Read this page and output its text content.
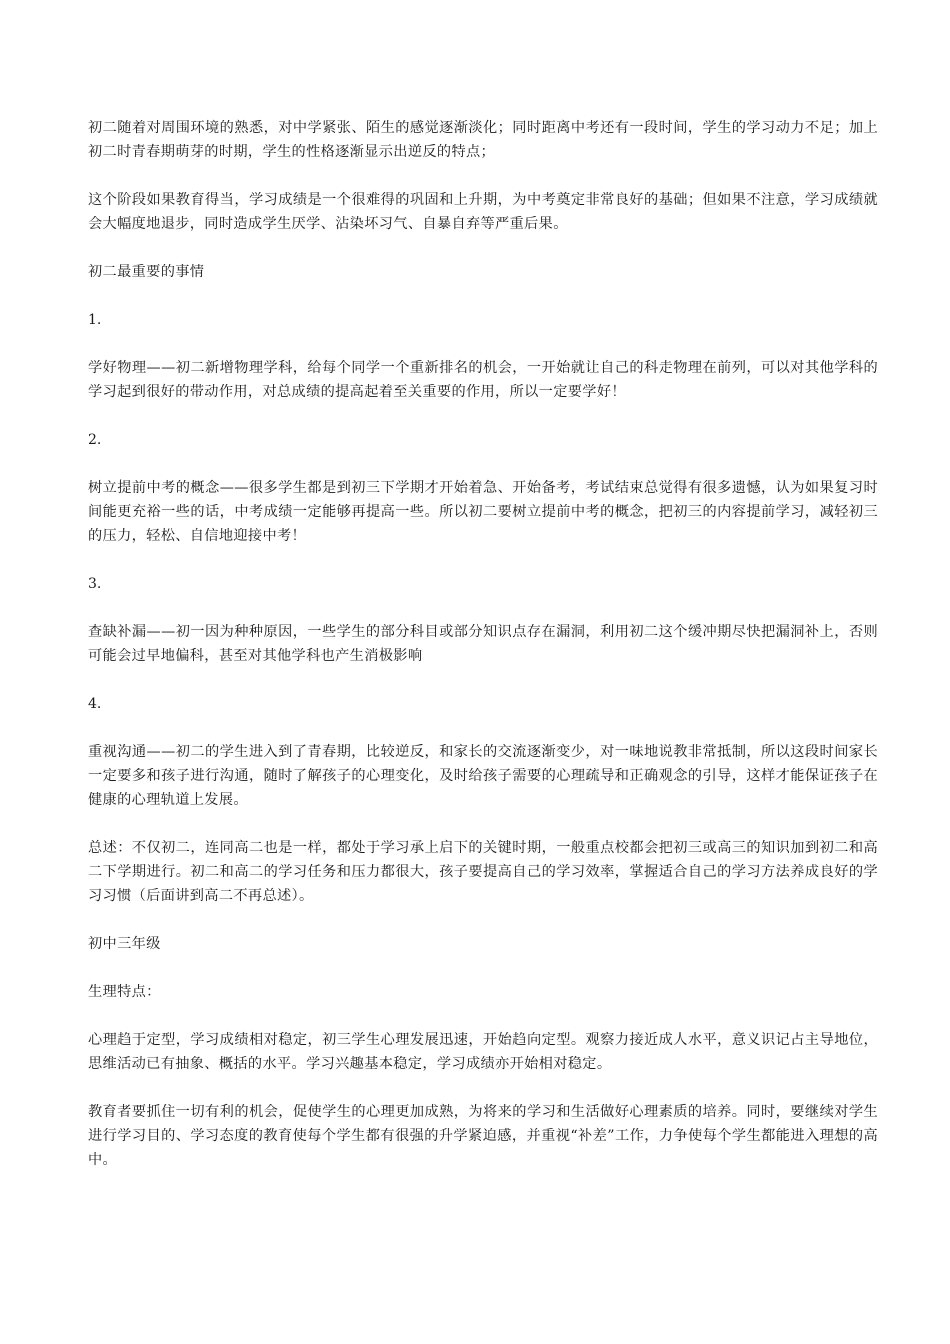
初二随着对周围环境的熟悉，对中学紧张、陌生的感觉逐渐淡化；同时距离中考还有一段时间，学生的学习动力不足；加上初二时青春期萌芽的时期，学生的性格逐渐显示出逆反的特点；

这个阶段如果教育得当，学习成绩是一个很难得的巩固和上升期，为中考奠定非常良好的基础；但如果不注意，学习成绩就会大幅度地退步，同时造成学生厌学、沾染坏习气、自暴自弃等严重后果。

初二最重要的事情

1.

学好物理——初二新增物理学科，给每个同学一个重新排名的机会，一开始就让自己的科走物理在前列，可以对其他学科的学习起到很好的带动作用，对总成绩的提高起着至关重要的作用，所以一定要学好！

2.

树立提前中考的概念——很多学生都是到初三下学期才开始着急、开始备考，考试结束总觉得有很多遗憾，认为如果复习时间能更充裕一些的话，中考成绩一定能够再提高一些。所以初二要树立提前中考的概念，把初三的内容提前学习，减轻初三的压力，轻松、自信地迎接中考！

3.

查缺补漏——初一因为种种原因，一些学生的部分科目或部分知识点存在漏洞，利用初二这个缓冲期尽快把漏洞补上，否则可能会过早地偏科，甚至对其他学科也产生消极影响

4.

重视沟通——初二的学生进入到了青春期，比较逆反，和家长的交流逐渐变少，对一味地说教非常抵制，所以这段时间家长一定要多和孩子进行沟通，随时了解孩子的心理变化，及时给孩子需要的心理疏导和正确观念的引导，这样才能保证孩子在健康的心理轨道上发展。

总述：不仅初二，连同高二也是一样，都处于学习承上启下的关键时期，一般重点校都会把初三或高三的知识加到初二和高二下学期进行。初二和高二的学习任务和压力都很大，孩子要提高自己的学习效率，掌握适合自己的学习方法养成良好的学习习惯（后面讲到高二不再总述）。

初中三年级

生理特点：

心理趋于定型，学习成绩相对稳定，初三学生心理发展迅速，开始趋向定型。观察力接近成人水平，意义识记占主导地位，思维活动已有抽象、概括的水平。学习兴趣基本稳定，学习成绩亦开始相对稳定。

教育者要抓住一切有利的机会，促使学生的心理更加成熟，为将来的学习和生活做好心理素质的培养。同时，要继续对学生进行学习目的、学习态度的教育使每个学生都有很强的升学紧迫感，并重视“补差”工作，力争使每个学生都能进入理想的高中。
